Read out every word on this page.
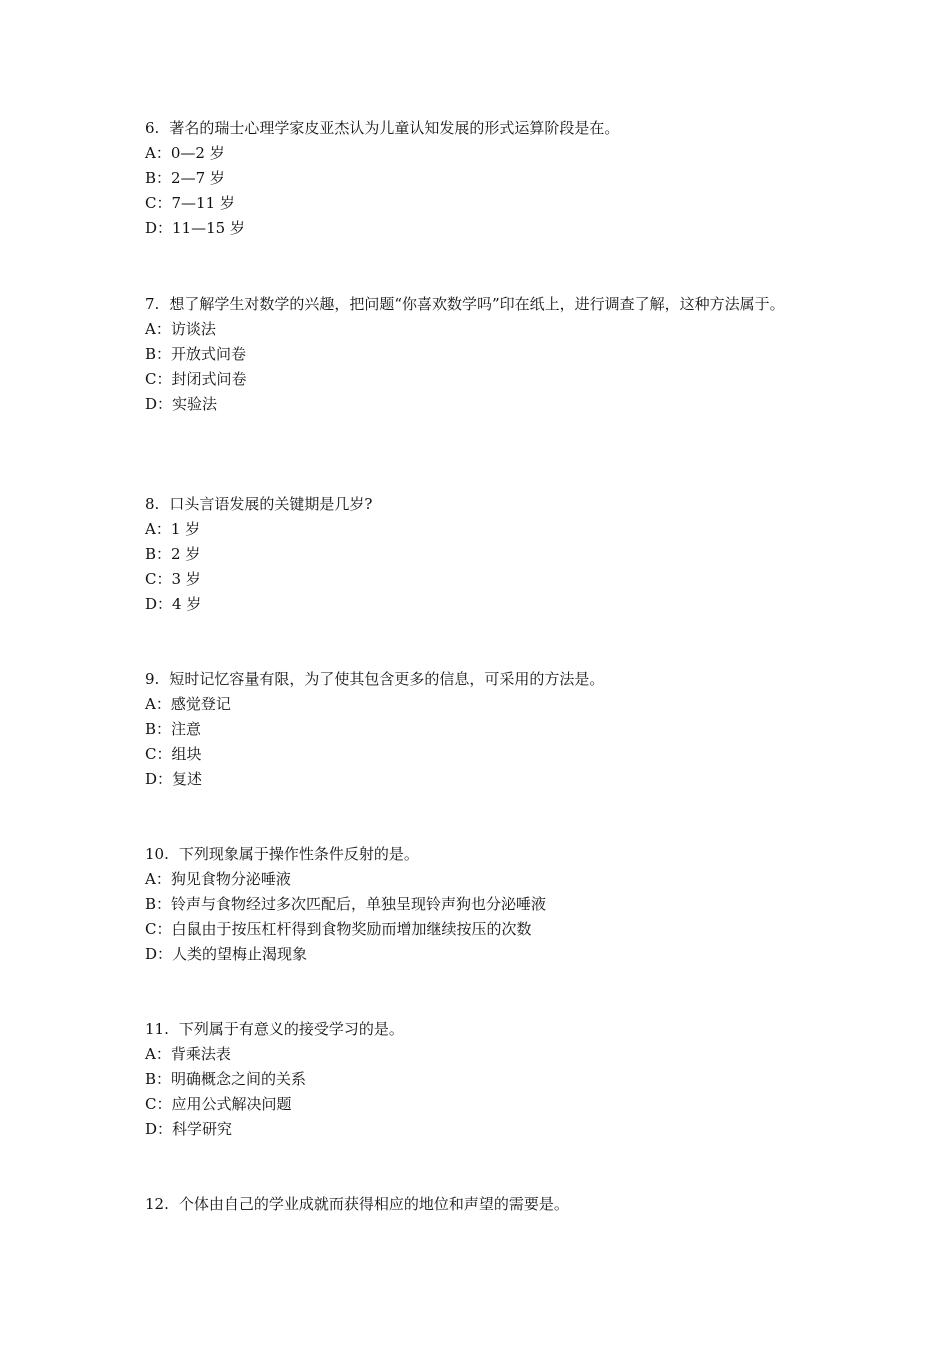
6. 著名的瑞士心理学家皮亚杰认为儿童认知发展的形式运算阶段是在。

A：0—2 岁

B：2—7 岁

C：7—11 岁

D：11—15 岁

7. 想了解学生对数学的兴趣，把问题“你喜欢数学吗”印在纸上，进行调查了解，这种方法属于。

A：访谈法

B：开放式问卷

C：封闭式问卷

D：实验法

8. 口头言语发展的关键期是几岁?

A：1 岁

B：2 岁

C：3 岁

D：4 岁

9. 短时记忆容量有限，为了使其包含更多的信息，可采用的方法是。

A：感觉登记

B：注意

C：组块

D：复述

10. 下列现象属于操作性条件反射的是。

A：狗见食物分泌唾液

B：铃声与食物经过多次匹配后，单独呈现铃声狗也分泌唾液

C：白鼠由于按压杠杆得到食物奖励而增加继续按压的次数

D：人类的望梅止渴现象

11. 下列属于有意义的接受学习的是。

A：背乘法表

B：明确概念之间的关系

C：应用公式解决问题

D：科学研究

12. 个体由自己的学业成就而获得相应的地位和声望的需要是。
